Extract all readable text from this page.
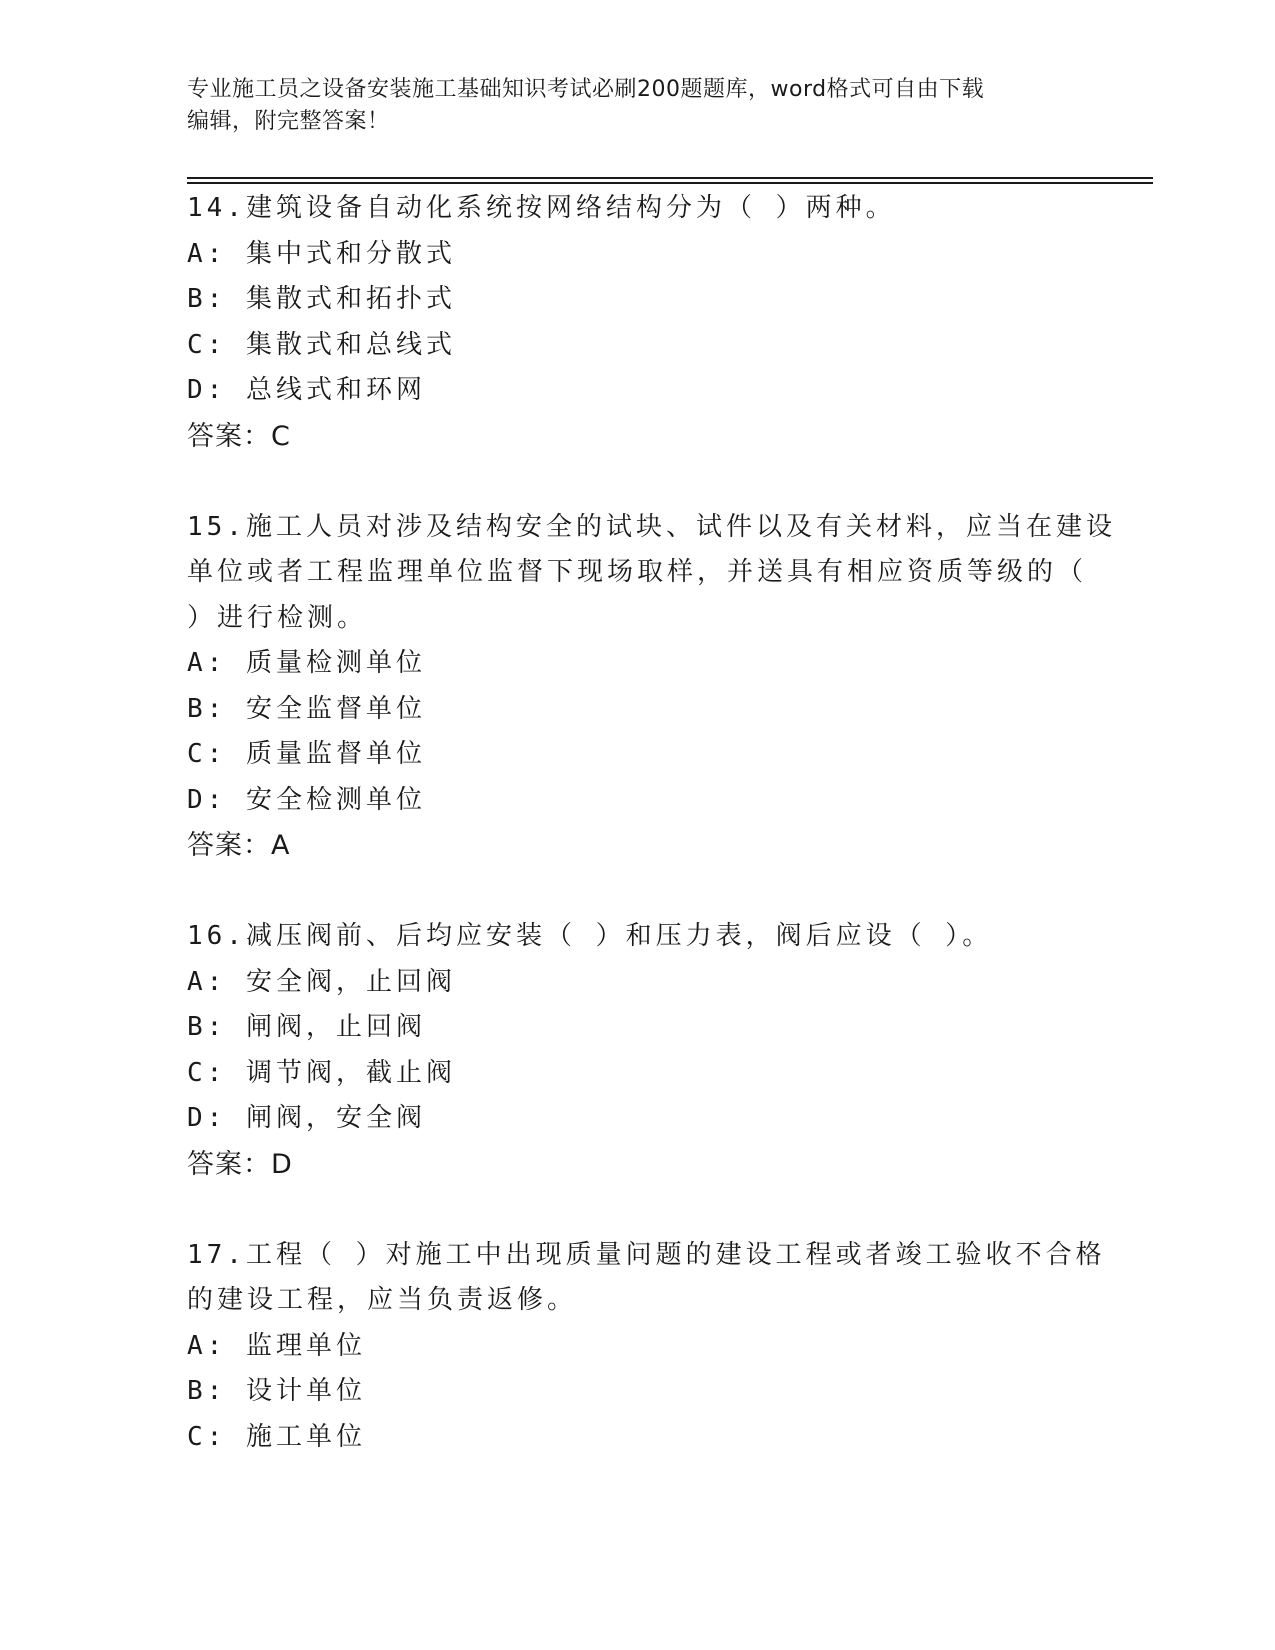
专业施工员之设备安装施工基础知识考试必刷200题题库，word格式可自由下载
编辑，附完整答案！
14.建筑设备自动化系统按网络结构分为（ ）两种。
A: 集中式和分散式
B: 集散式和拓扑式
C: 集散式和总线式
D: 总线式和环网
答案：C
15.施工人员对涉及结构安全的试块、试件以及有关材料，应当在建设
单位或者工程监理单位监督下现场取样，并送具有相应资质等级的（
）进行检测。
A: 质量检测单位
B: 安全监督单位
C: 质量监督单位
D: 安全检测单位
答案：A
16.减压阀前、后均应安装（ ）和压力表，阀后应设（ ）。
A: 安全阀，止回阀
B: 闸阀，止回阀
C: 调节阀，截止阀
D: 闸阀，安全阀
答案：D
17.工程（ ）对施工中出现质量问题的建设工程或者竣工验收不合格
的建设工程，应当负责返修。
A: 监理单位
B: 设计单位
C: 施工单位
